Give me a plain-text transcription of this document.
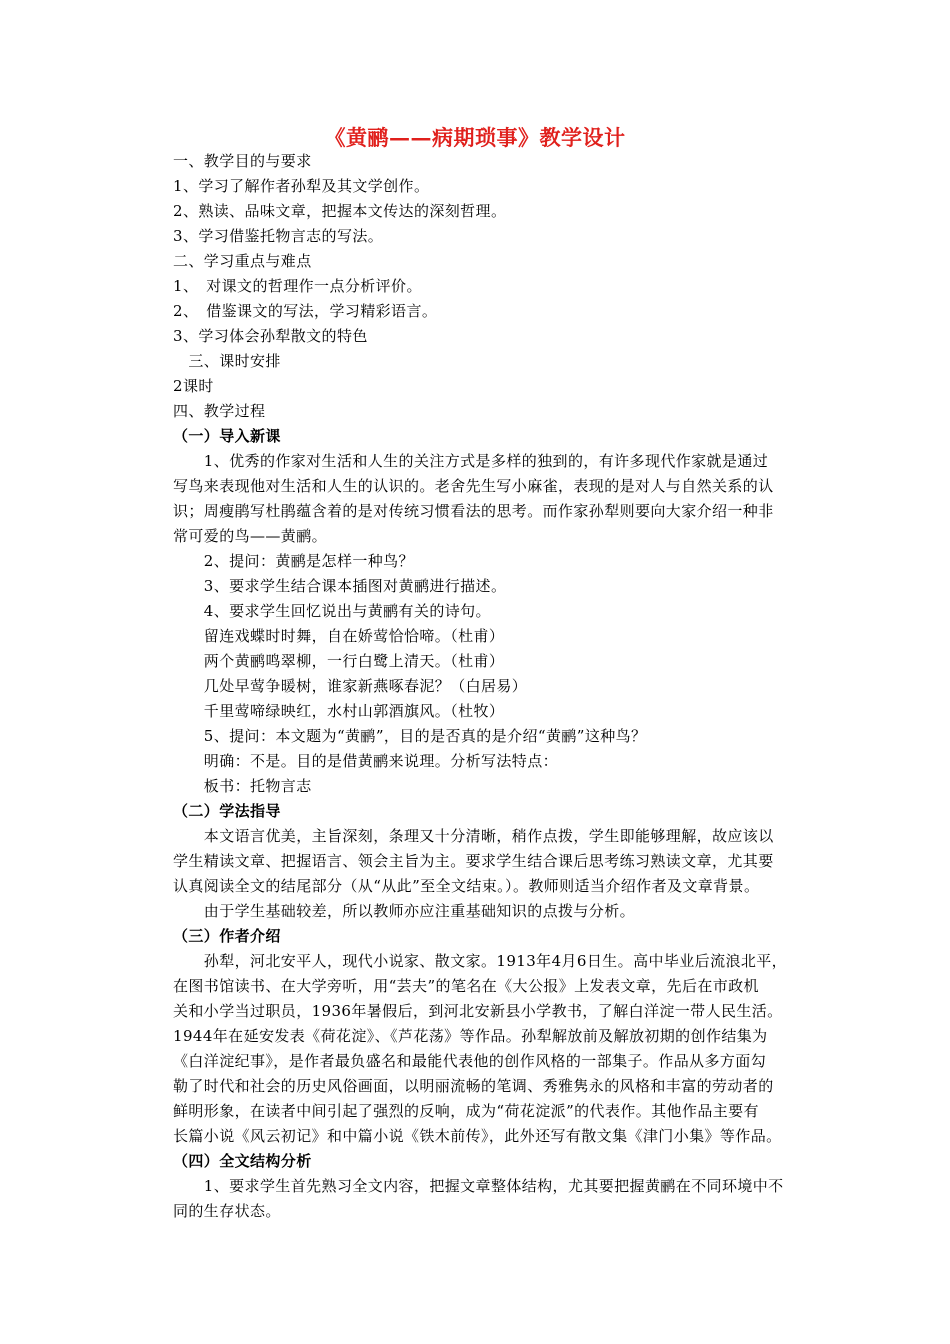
《黄鹂——病期琐事》教学设计
一、教学目的与要求
1、学习了解作者孙犁及其文学创作。
2、熟读、品味文章，把握本文传达的深刻哲理。
3、学习借鉴托物言志的写法。
二、学习重点与难点
1、　对课文的哲理作一点分析评价。
2、　借鉴课文的写法，学习精彩语言。
3、学习体会孙犁散文的特色
　三、课时安排
2课时
四、教学过程
（一）导入新课
　　1、优秀的作家对生活和人生的关注方式是多样的独到的，有许多现代作家就是通过
写鸟来表现他对生活和人生的认识的。老舍先生写小麻雀，表现的是对人与自然关系的认
识；周瘦鹃写杜鹃蕴含着的是对传统习惯看法的思考。而作家孙犁则要向大家介绍一种非
常可爱的鸟——黄鹂。
　　2、提问：黄鹂是怎样一种鸟？
　　3、要求学生结合课本插图对黄鹂进行描述。
　　4、要求学生回忆说出与黄鹂有关的诗句。
　　留连戏蝶时时舞，自在娇莺恰恰啼。（杜甫）
　　两个黄鹂鸣翠柳，一行白鹭上清天。（杜甫）
　　几处早莺争暖树，谁家新燕啄春泥？（白居易）
　　千里莺啼绿映红，水村山郭酒旗风。（杜牧）
　　5、提问：本文题为“黄鹂”，目的是否真的是介绍“黄鹂”这种鸟？
　　明确：不是。目的是借黄鹂来说理。分析写法特点：
　　板书：托物言志
（二）学法指导
　　本文语言优美，主旨深刻，条理又十分清晰，稍作点拨，学生即能够理解，故应该以
学生精读文章、把握语言、领会主旨为主。要求学生结合课后思考练习熟读文章，尤其要
认真阅读全文的结尾部分（从“从此”至全文结束。）。教师则适当介绍作者及文章背景。
　　由于学生基础较差，所以教师亦应注重基础知识的点拨与分析。
（三）作者介绍
　　孙犁，河北安平人，现代小说家、散文家。1913年4月6日生。高中毕业后流浪北平，
在图书馆读书、在大学旁听，用“芸夫”的笔名在《大公报》上发表文章，先后在市政机
关和小学当过职员，1936年暑假后，到河北安新县小学教书，了解白洋淀一带人民生活。
1944年在延安发表《荷花淀》、《芦花荡》等作品。孙犁解放前及解放初期的创作结集为
《白洋淀纪事》，是作者最负盛名和最能代表他的创作风格的一部集子。作品从多方面勾
勒了时代和社会的历史风俗画面，以明丽流畅的笔调、秀雅隽永的风格和丰富的劳动者的
鲜明形象，在读者中间引起了强烈的反响，成为“荷花淀派”的代表作。其他作品主要有
长篇小说《风云初记》和中篇小说《铁木前传》，此外还写有散文集《津门小集》等作品。
（四）全文结构分析
　　1、要求学生首先熟习全文内容，把握文章整体结构，尤其要把握黄鹂在不同环境中不
同的生存状态。
